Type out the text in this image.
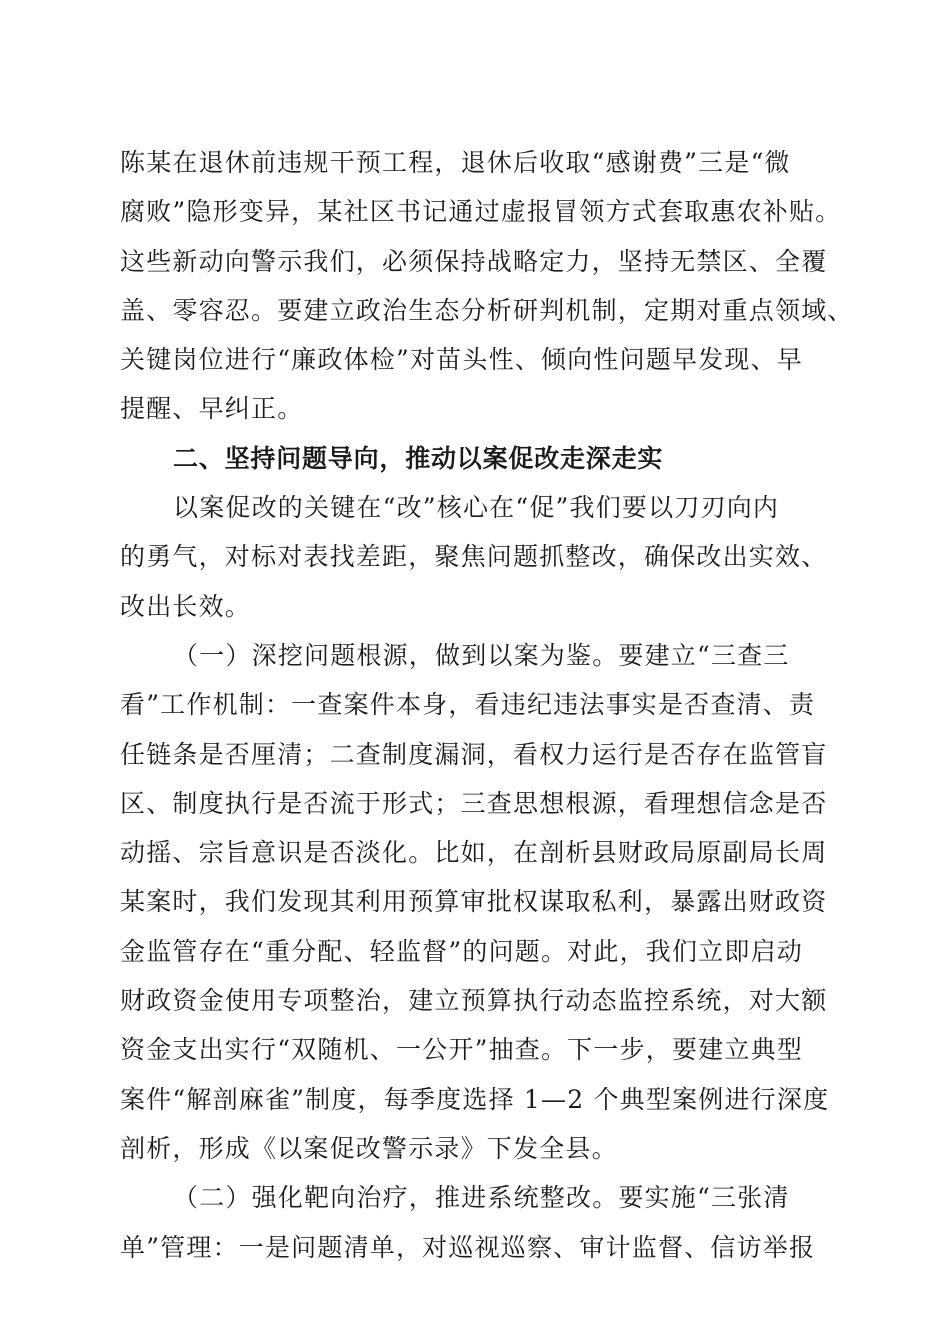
陈某在退休前违规干预工程，退休后收取“感谢费”三是“微
腐败”隐形变异，某社区书记通过虚报冒领方式套取惠农补贴。
这些新动向警示我们，必须保持战略定力，坚持无禁区、全覆
盖、零容忍。要建立政治生态分析研判机制，定期对重点领域、
关键岗位进行“廉政体检”对苗头性、倾向性问题早发现、早
提醒、早纠正。
二、坚持问题导向，推动以案促改走深走实
以案促改的关键在“改”核心在“促”我们要以刀刃向内
的勇气，对标对表找差距，聚焦问题抓整改，确保改出实效、
改出长效。
（一）深挖问题根源，做到以案为鉴。要建立“三查三
看”工作机制：一查案件本身，看违纪违法事实是否查清、责
任链条是否厘清；二查制度漏洞，看权力运行是否存在监管盲
区、制度执行是否流于形式；三查思想根源，看理想信念是否
动摇、宗旨意识是否淡化。比如，在剖析县财政局原副局长周
某案时，我们发现其利用预算审批权谋取私利，暴露出财政资
金监管存在“重分配、轻监督”的问题。对此，我们立即启动
财政资金使用专项整治，建立预算执行动态监控系统，对大额
资金支出实行“双随机、一公开”抽查。下一步，要建立典型
案件“解剖麻雀”制度，每季度选择 1—2 个典型案例进行深度
剖析，形成《以案促改警示录》下发全县。
（二）强化靶向治疗，推进系统整改。要实施“三张清
单”管理：一是问题清单，对巡视巡察、审计监督、信访举报
